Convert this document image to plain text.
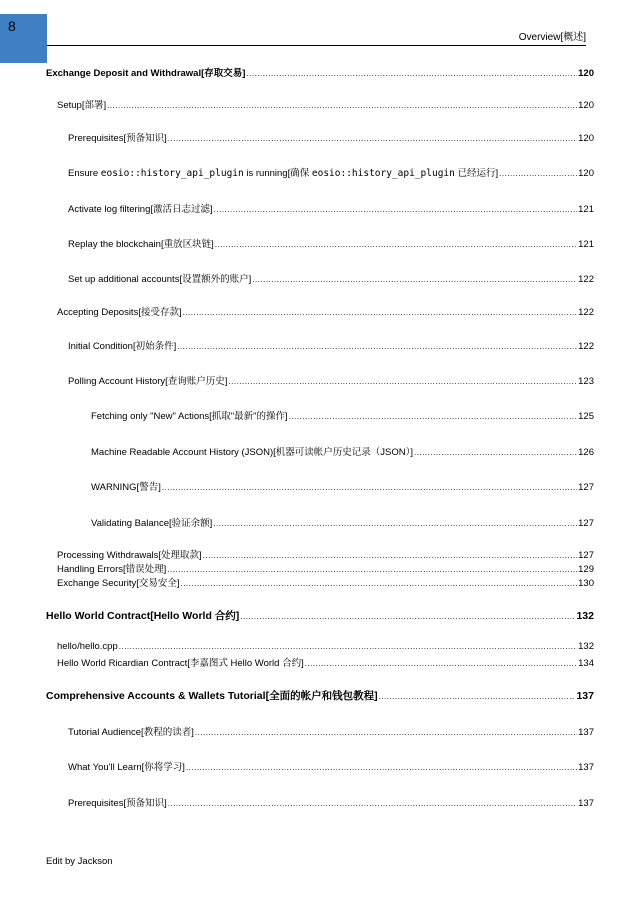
8
Overview[概述]
Exchange Deposit and Withdrawal[存取交易] .....	120
Setup[部署] .....	120
Prerequisites[预备知识] .....	120
Ensure eosio::history_api_plugin is running[确保 eosio::history_api_plugin 已经运行] .....	120
Activate log filtering[激活日志过滤] .....	121
Replay the blockchain[重放区块链] .....	121
Set up additional accounts[设置额外的账户] .....	122
Accepting Deposits[接受存款] .....	122
Initial Condition[初始条件] .....	122
Polling Account History[查询账户历史] .....	123
Fetching only "New" Actions[抓取"最新"的操作] .....	125
Machine Readable Account History (JSON)[机器可读帐户历史记录（JSON）] .....	126
WARNING[警告] .....	127
Validating Balance[验证余额] .....	127
Processing Withdrawals[处理取款] .....	127
Handling Errors[错误处理] .....	129
Exchange Security[交易安全] .....	130
Hello World Contract[Hello World 合约] .....	132
hello/hello.cpp .....	132
Hello World Ricardian Contract[李嘉图式 Hello World 合约] .....	134
Comprehensive Accounts & Wallets Tutorial[全面的帐户和钱包教程] .....	137
Tutorial Audience[教程的读者] .....	137
What You'll Learn[你将学习] .....	137
Prerequisites[预备知识] .....	137
Edit by Jackson
